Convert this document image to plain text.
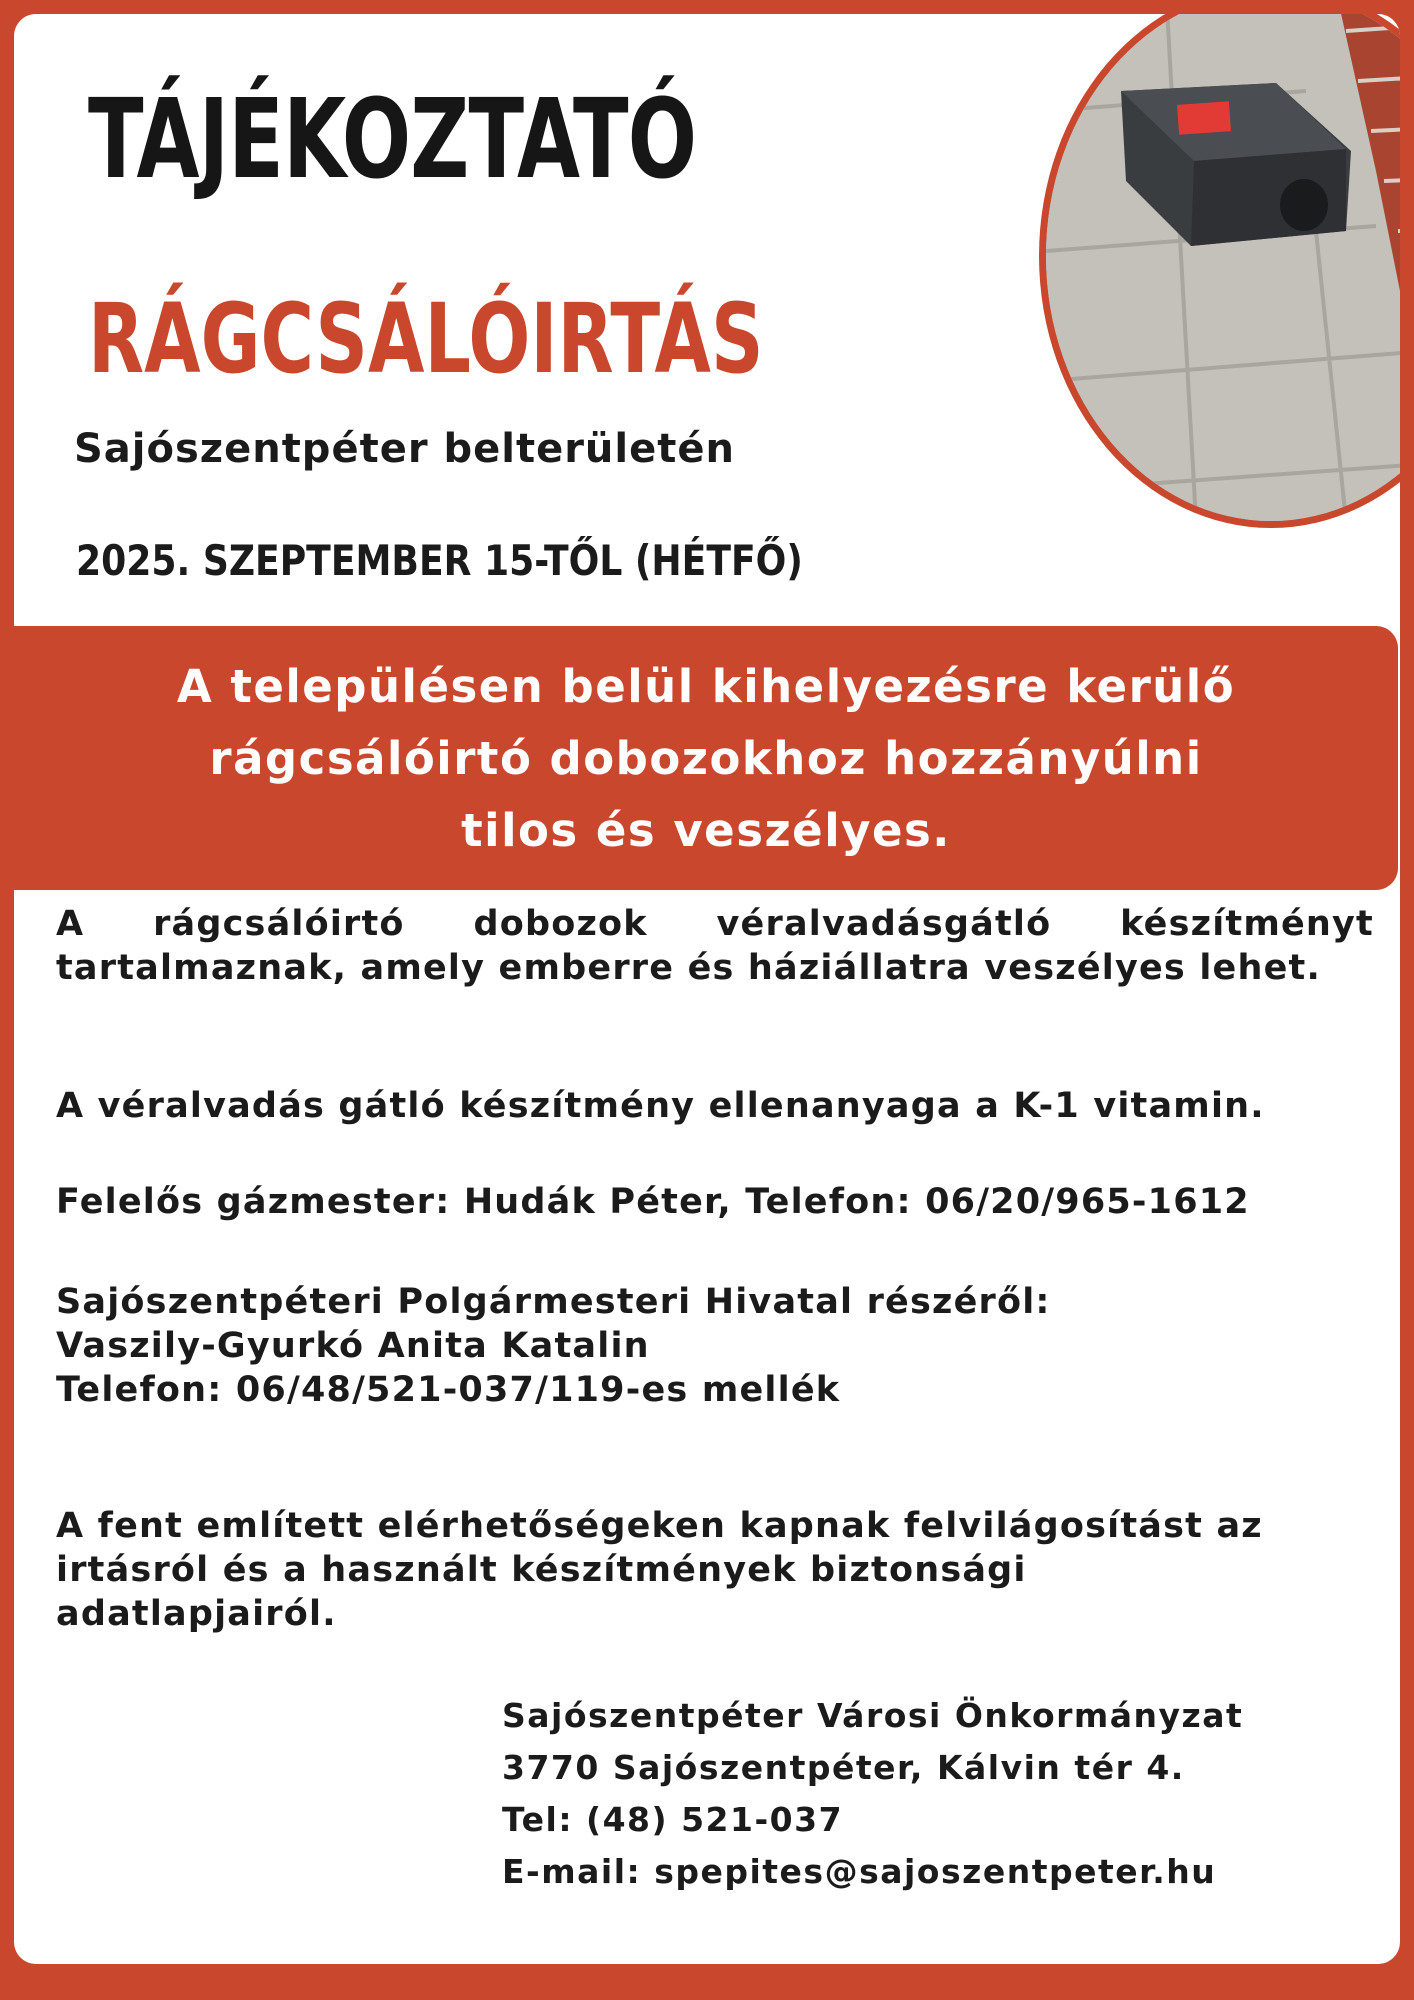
TÁJÉKOZTATÓ
RÁGCSÁLÓIRTÁS
Sajószentpéter belterületén
2025. SZEPTEMBER 15-TŐL (HÉTFŐ)
A településen belül kihelyezésre kerülő
rágcsálóirtó dobozokhoz hozzányúlni
tilos és veszélyes.

A rágcsálóirtó dobozok véralvadásgátló készítményt tartalmaznak, amely emberre és háziállatra veszélyes lehet.

A véralvadás gátló készítmény ellenanyaga a K-1 vitamin.

Felelős gázmester: Hudák Péter, Telefon: 06/20/965-1612

Sajószentpéteri Polgármesteri Hivatal részéről:
Vaszily-Gyurkó Anita Katalin
Telefon: 06/48/521-037/119-es mellék

A fent említett elérhetőségeken kapnak felvilágosítást az
irtásról és a használt készítmények biztonsági
adatlapjairól.

Sajószentpéter Városi Önkormányzat
3770 Sajószentpéter, Kálvin tér 4.
Tel: (48) 521-037
E-mail: spepites@sajoszentpeter.hu
